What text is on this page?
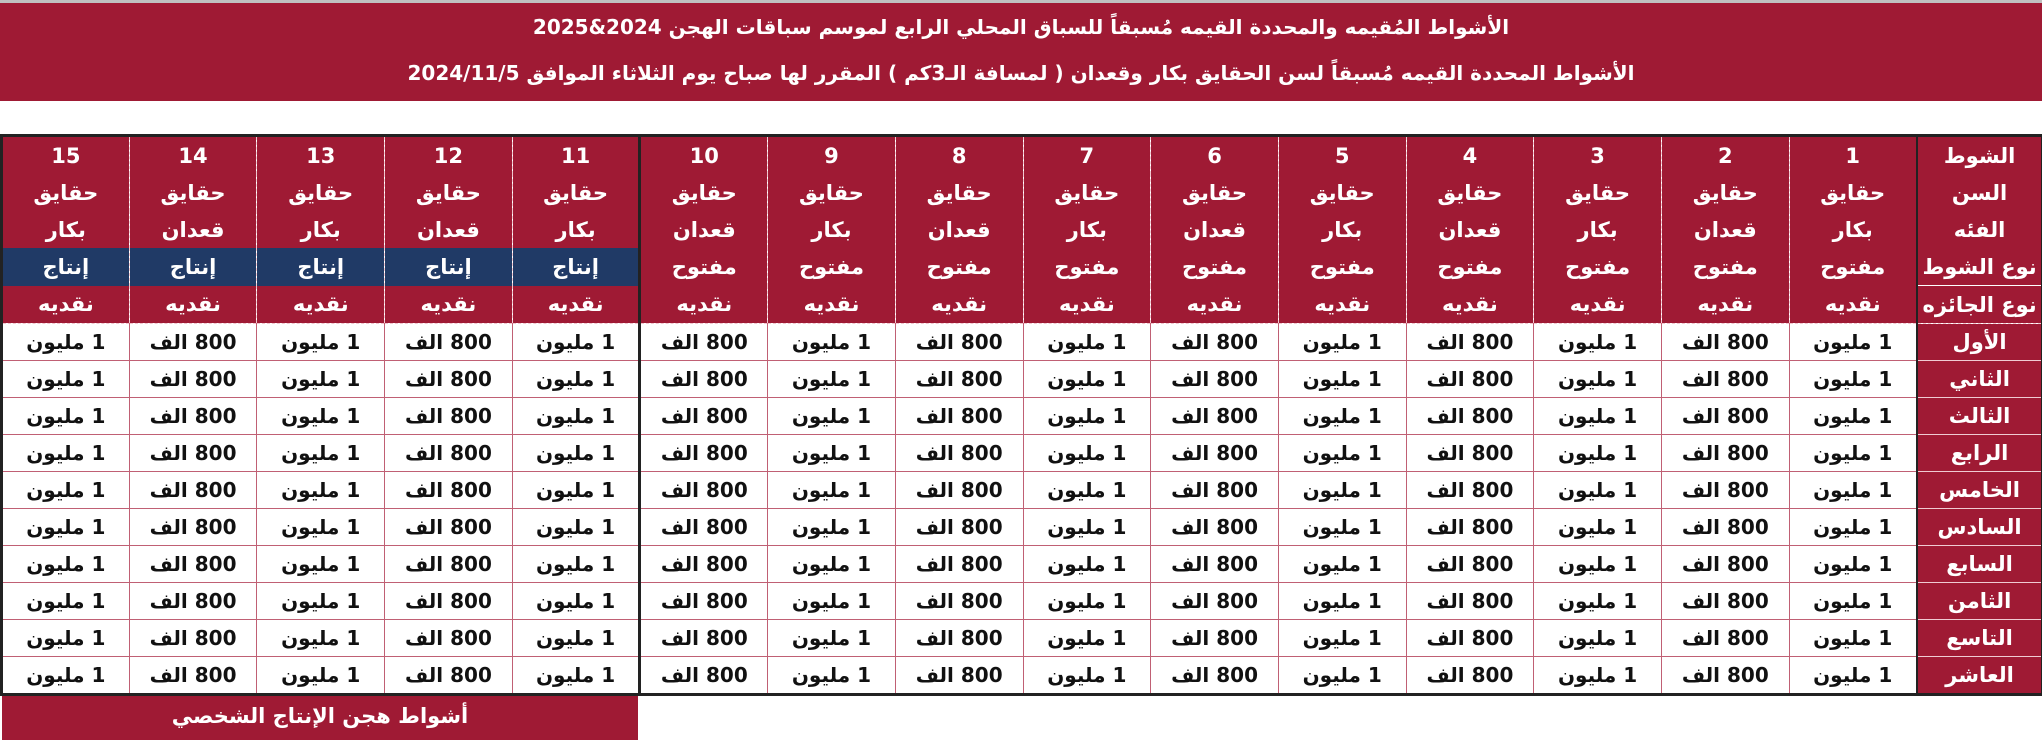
الأشواط المُقيمه والمحددة القيمه مُسبقاً للسباق المحلي الرابع لموسم سباقات الهجن 2024&2025
الأشواط المحددة القيمه مُسبقاً لسن الحقايق بكار وقعدان ( لمسافة الـ3كم ) المقرر لها صباح يوم الثلاثاء الموافق 2024/11/5
الشوط	1	2	3	4	5	6	7	8	9	10	11	12	13	14	15
السن	حقايق	حقايق	حقايق	حقايق	حقايق	حقايق	حقايق	حقايق	حقايق	حقايق	حقايق	حقايق	حقايق	حقايق	حقايق
الفئه	بكار	قعدان	بكار	قعدان	بكار	قعدان	بكار	قعدان	بكار	قعدان	بكار	قعدان	بكار	قعدان	بكار
نوع الشوط	مفتوح	مفتوح	مفتوح	مفتوح	مفتوح	مفتوح	مفتوح	مفتوح	مفتوح	مفتوح	إنتاج	إنتاج	إنتاج	إنتاج	إنتاج
نوع الجائزه	نقديه	نقديه	نقديه	نقديه	نقديه	نقديه	نقديه	نقديه	نقديه	نقديه	نقديه	نقديه	نقديه	نقديه	نقديه
الأول	1 مليون	800 الف	1 مليون	800 الف	1 مليون	800 الف	1 مليون	800 الف	1 مليون	800 الف	1 مليون	800 الف	1 مليون	800 الف	1 مليون
الثاني	1 مليون	800 الف	1 مليون	800 الف	1 مليون	800 الف	1 مليون	800 الف	1 مليون	800 الف	1 مليون	800 الف	1 مليون	800 الف	1 مليون
الثالث	1 مليون	800 الف	1 مليون	800 الف	1 مليون	800 الف	1 مليون	800 الف	1 مليون	800 الف	1 مليون	800 الف	1 مليون	800 الف	1 مليون
الرابع	1 مليون	800 الف	1 مليون	800 الف	1 مليون	800 الف	1 مليون	800 الف	1 مليون	800 الف	1 مليون	800 الف	1 مليون	800 الف	1 مليون
الخامس	1 مليون	800 الف	1 مليون	800 الف	1 مليون	800 الف	1 مليون	800 الف	1 مليون	800 الف	1 مليون	800 الف	1 مليون	800 الف	1 مليون
السادس	1 مليون	800 الف	1 مليون	800 الف	1 مليون	800 الف	1 مليون	800 الف	1 مليون	800 الف	1 مليون	800 الف	1 مليون	800 الف	1 مليون
السابع	1 مليون	800 الف	1 مليون	800 الف	1 مليون	800 الف	1 مليون	800 الف	1 مليون	800 الف	1 مليون	800 الف	1 مليون	800 الف	1 مليون
الثامن	1 مليون	800 الف	1 مليون	800 الف	1 مليون	800 الف	1 مليون	800 الف	1 مليون	800 الف	1 مليون	800 الف	1 مليون	800 الف	1 مليون
التاسع	1 مليون	800 الف	1 مليون	800 الف	1 مليون	800 الف	1 مليون	800 الف	1 مليون	800 الف	1 مليون	800 الف	1 مليون	800 الف	1 مليون
العاشر	1 مليون	800 الف	1 مليون	800 الف	1 مليون	800 الف	1 مليون	800 الف	1 مليون	800 الف	1 مليون	800 الف	1 مليون	800 الف	1 مليون
أشواط هجن الإنتاج الشخصي
